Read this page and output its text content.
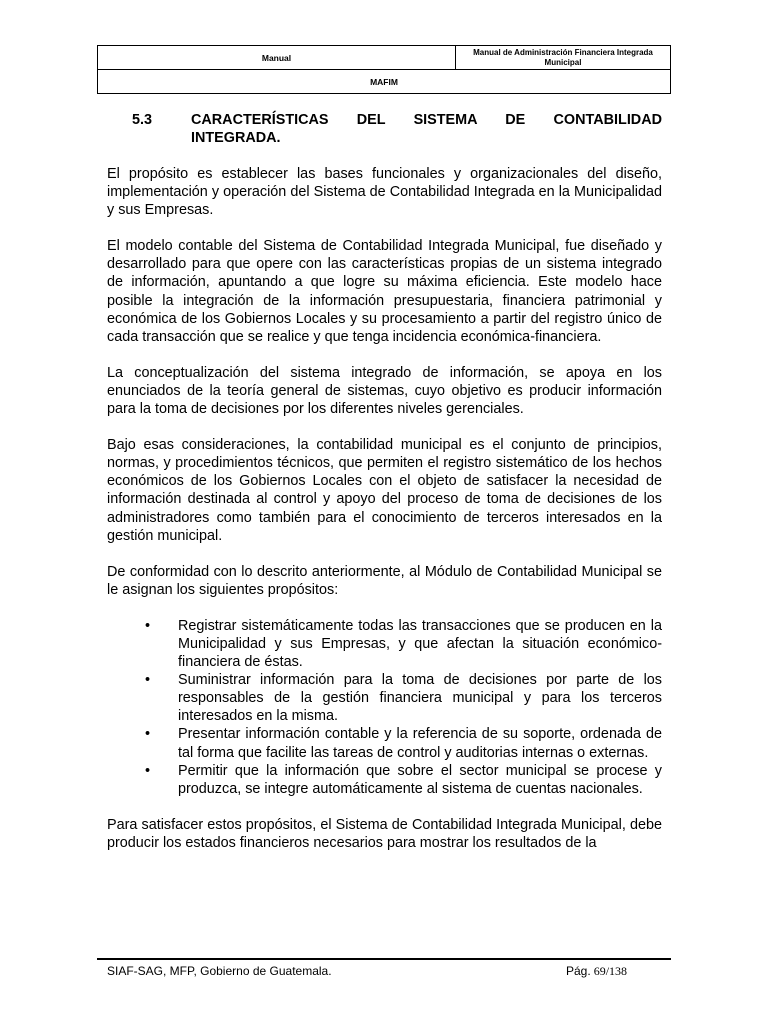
Manual
Manual de Administración Financiera Integrada Municipal
MAFIM
5.3	CARACTERÍSTICAS DEL SISTEMA DE CONTABILIDAD
INTEGRADA.

El propósito es establecer las bases funcionales y organizacionales del diseño, implementación y operación del Sistema de Contabilidad Integrada en la Municipalidad y sus Empresas.

El modelo contable del Sistema de Contabilidad Integrada Municipal, fue diseñado y desarrollado para que opere con las características propias de un sistema integrado de información, apuntando a que logre su máxima eficiencia. Este modelo hace posible la integración de la información presupuestaria, financiera patrimonial y económica de los Gobiernos Locales y su procesamiento a partir del registro único de cada transacción que se realice y que tenga incidencia económica-financiera.

La conceptualización del sistema integrado de información, se apoya en los enunciados de la teoría general de sistemas, cuyo objetivo es producir información para la toma de decisiones por los diferentes niveles gerenciales.

Bajo esas consideraciones, la contabilidad municipal es el conjunto de principios, normas, y procedimientos técnicos, que permiten el registro sistemático de los hechos económicos de los Gobiernos Locales con el objeto de satisfacer la necesidad de información destinada al control y apoyo del proceso de toma de decisiones de los administradores como también para el conocimiento de terceros interesados en la gestión municipal.

De conformidad con lo descrito anteriormente, al Módulo de Contabilidad Municipal se le asignan los siguientes propósitos:

• Registrar sistemáticamente todas las transacciones que se producen en la Municipalidad y sus Empresas, y que afectan la situación económico-financiera de éstas.
• Suministrar información para la toma de decisiones por parte de los responsables de la gestión financiera municipal y para los terceros interesados en la misma.
• Presentar información contable y la referencia de su soporte, ordenada de tal forma que facilite las tareas de control y auditorias internas o externas.
• Permitir que la información que sobre el sector municipal se procese y produzca, se integre automáticamente al sistema de cuentas nacionales.

Para satisfacer estos propósitos, el Sistema de Contabilidad Integrada Municipal, debe producir los estados financieros necesarios para mostrar los resultados de la

SIAF-SAG, MFP, Gobierno de Guatemala.	Pág. 69/138
